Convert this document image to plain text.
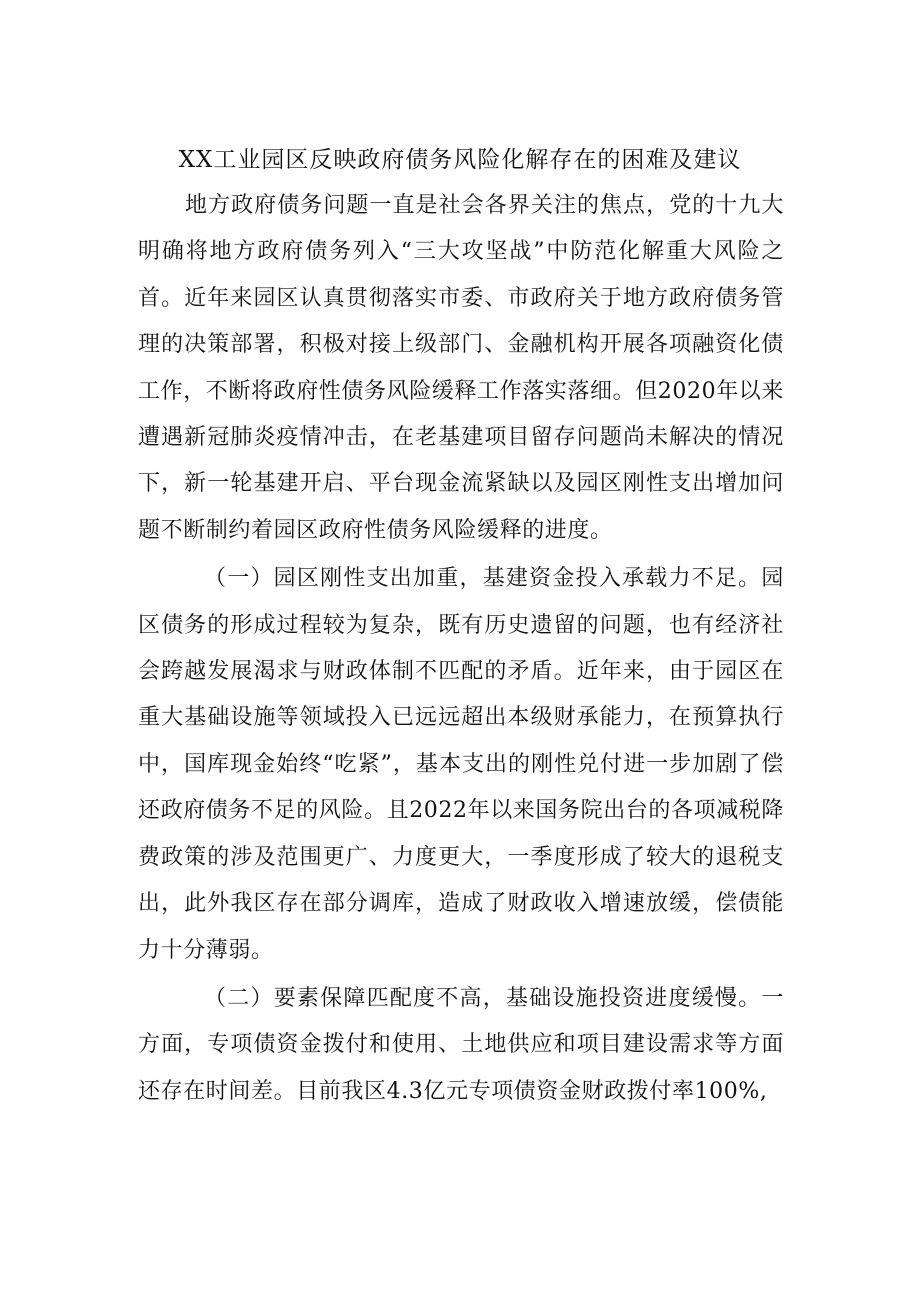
XX工业园区反映政府债务风险化解存在的困难及建议

地方政府债务问题一直是社会各界关注的焦点，党的十九大明确将地方政府债务列入“三大攻坚战”中防范化解重大风险之首。近年来园区认真贯彻落实市委、市政府关于地方政府债务管理的决策部署，积极对接上级部门、金融机构开展各项融资化债工作，不断将政府性债务风险缓释工作落实落细。但2020年以来遭遇新冠肺炎疫情冲击，在老基建项目留存问题尚未解决的情况下，新一轮基建开启、平台现金流紧缺以及园区刚性支出增加问题不断制约着园区政府性债务风险缓释的进度。

（一）园区刚性支出加重，基建资金投入承载力不足。园区债务的形成过程较为复杂，既有历史遗留的问题，也有经济社会跨越发展渴求与财政体制不匹配的矛盾。近年来，由于园区在重大基础设施等领域投入已远远超出本级财承能力，在预算执行中，国库现金始终“吃紧”，基本支出的刚性兑付进一步加剧了偿还政府债务不足的风险。且2022年以来国务院出台的各项减税降费政策的涉及范围更广、力度更大，一季度形成了较大的退税支出，此外我区存在部分调库，造成了财政收入增速放缓，偿债能力十分薄弱。

（二）要素保障匹配度不高，基础设施投资进度缓慢。一方面，专项债资金拨付和使用、土地供应和项目建设需求等方面还存在时间差。目前我区4.3亿元专项债资金财政拨付率100%,
